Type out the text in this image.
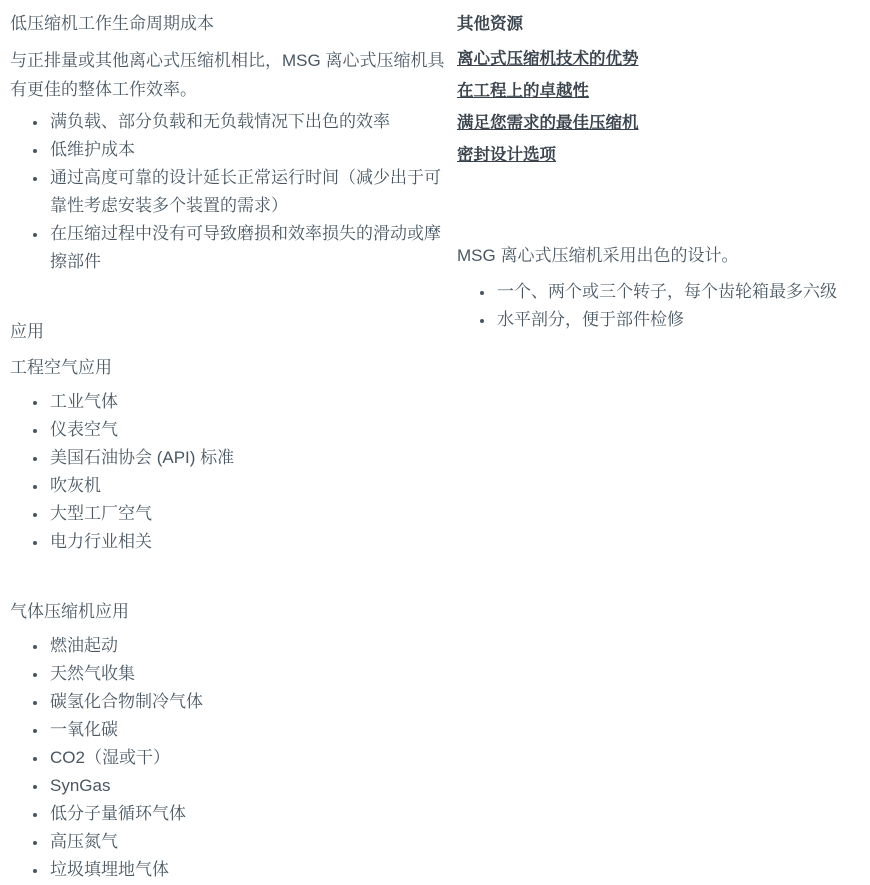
低压缩机工作生命周期成本

与正排量或其他离心式压缩机相比，MSG 离心式压缩机具有更佳的整体工作效率。

• 满负载、部分负载和无负载情况下出色的效率
• 低维护成本
• 通过高度可靠的设计延长正常运行时间（减少出于可靠性考虑安装多个装置的需求）
• 在压缩过程中没有可导致磨损和效率损失的滑动或摩擦部件
应用
工程空气应用
• 工业气体
• 仪表空气
• 美国石油协会 (API) 标准
• 吹灰机
• 大型工厂空气
• 电力行业相关
气体压缩机应用
• 燃油起动
• 天然气收集
• 碳氢化合物制冷气体
• 一氧化碳
• CO2（湿或干）
• SynGas
• 低分子量循环气体
• 高压氮气
• 垃圾填埋地气体
其他资源
离心式压缩机技术的优势
在工程上的卓越性
满足您需求的最佳压缩机
密封设计选项

MSG 离心式压缩机采用出色的设计。

• 一个、两个或三个转子，每个齿轮箱最多六级
• 水平剖分，便于部件检修
